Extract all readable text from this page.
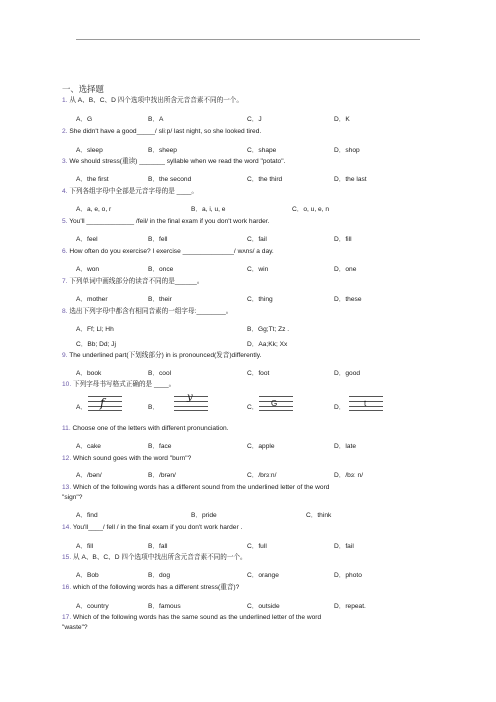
一、选择题
1. 从 A、B、C、D 四个选项中找出所含元音音素不同的一个。
A．G	B．A	C．J	D．K
2. She didn't have a good_____/ sliːp/ last night, so she looked tired.
A．sleep	B．sheep	C．shape	D．shop
3. We should stress(重读) _______ syllable when we read the word "potato".
A．the first	B．the second	C．the third	D．the last
4. 下列各组字母中全部是元音字母的是 ____。
A．a, e, o, r	B．a, i, u, e	C．o, u, e, n
5. You'll _____________ /feil/ in the final exam if you don't work harder.
A．feel	B．fell	C．fail	D．fill
6. How often do you exercise? I exercise ______________/ wʌns/ a day.
A．won	B．once	C．win	D．one
7. 下列单词中画线部分的读音不同的是______。
A．mother	B．their	C．thing	D．these
8. 选出下列字母中都含有相同音素的一组字母:________。
A．Ff; Ll; Hh	B．Gg;Tt; Zz .
C．Bb; Dd; Jj	D．Aa;Kk; Xx
9. The underlined part(下划线部分) in is pronounced(发音)differently.
A．book	B．cool	C．foot	D．good
10. 下列字母书写格式正确的是 ____。
A． f	B．
y
C． G	D． t
11. Choose one of the letters with different pronunciation.
A．cake	B．face	C．apple	D．late
12. Which sound goes with the word "burn"?
A．/bən/	B．/brən/	C．/brɜːn/	D．/bɜː n/
13. Which of the following words has a different sound from the underlined letter of the word
"sign"?
A．find	B．pride	C．think
14. You'll____/ fell / in the final exam if you don't work harder .
A．fill	B．fall	C．full	D．fail
15. 从 A、B、C、D 四个选项中找出所含元音音素不同的一个。
A．Bob	B．dog	C．orange	D．photo
16. which of the following words has a different stress(重音)?
A．country	B．famous	C．outside	D．repeat.
17. Which of the following words has the same sound as the underlined letter of the word
"waste"?
